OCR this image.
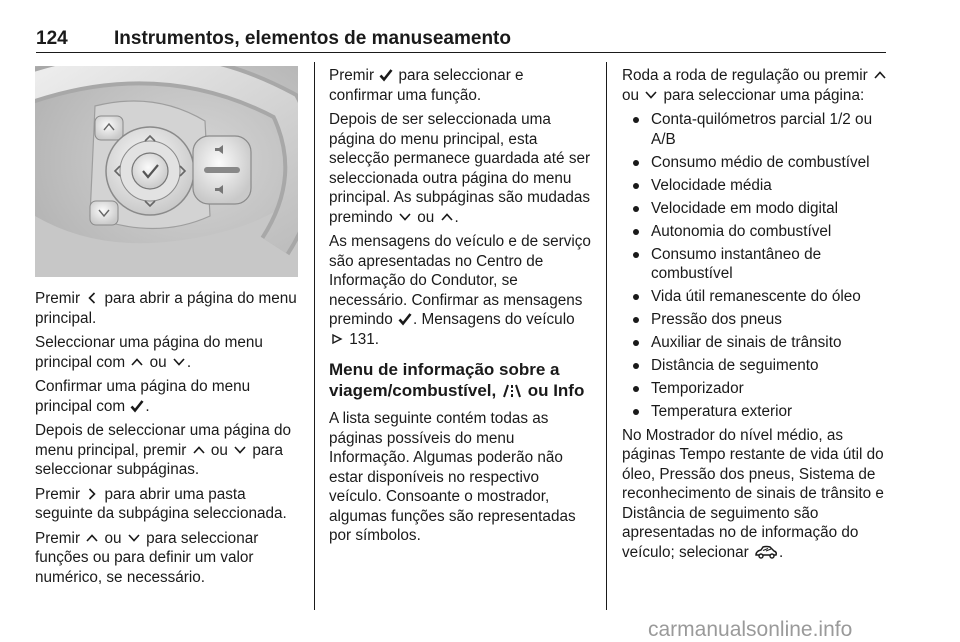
124 Instrumentos, elementos de manuseamento

Premir para abrir a página do menu principal.

Seleccionar uma página do menu principal com ou .

Confirmar uma página do menu principal com .

Depois de seleccionar uma página do menu principal, premir ou para seleccionar subpáginas.

Premir para abrir uma pasta seguinte da subpágina seleccionada.

Premir ou para seleccionar funções ou para definir um valor numérico, se necessário.

Premir para seleccionar e confirmar uma função.

Depois de ser seleccionada uma página do menu principal, esta selecção permanece guardada até ser seleccionada outra página do menu principal. As subpáginas são mudadas premindo ou .

As mensagens do veículo e de serviço são apresentadas no Centro de Informação do Condutor, se necessário. Confirmar as mensagens premindo . Mensagens do veículo  131.

Menu de informação sobre a viagem/combustível, ou Info

A lista seguinte contém todas as páginas possíveis do menu Informação. Algumas poderão não estar disponíveis no respectivo veículo. Consoante o mostrador, algumas funções são representadas por símbolos.

Roda a roda de regulação ou premir  ou para seleccionar uma página:

Conta-quilómetros parcial 1/2 ou A/B
Consumo médio de combustível
Velocidade média
Velocidade em modo digital
Autonomia do combustível
Consumo instantâneo de combustível
Vida útil remanescente do óleo
Pressão dos pneus
Auxiliar de sinais de trânsito
Distância de seguimento
Temporizador
Temperatura exterior

No Mostrador do nível médio, as páginas Tempo restante de vida útil do óleo, Pressão dos pneus, Sistema de reconhecimento de sinais de trânsito e Distância de seguimento são apresentadas no de informação do veículo; selecionar .

carmanualsonline.info
